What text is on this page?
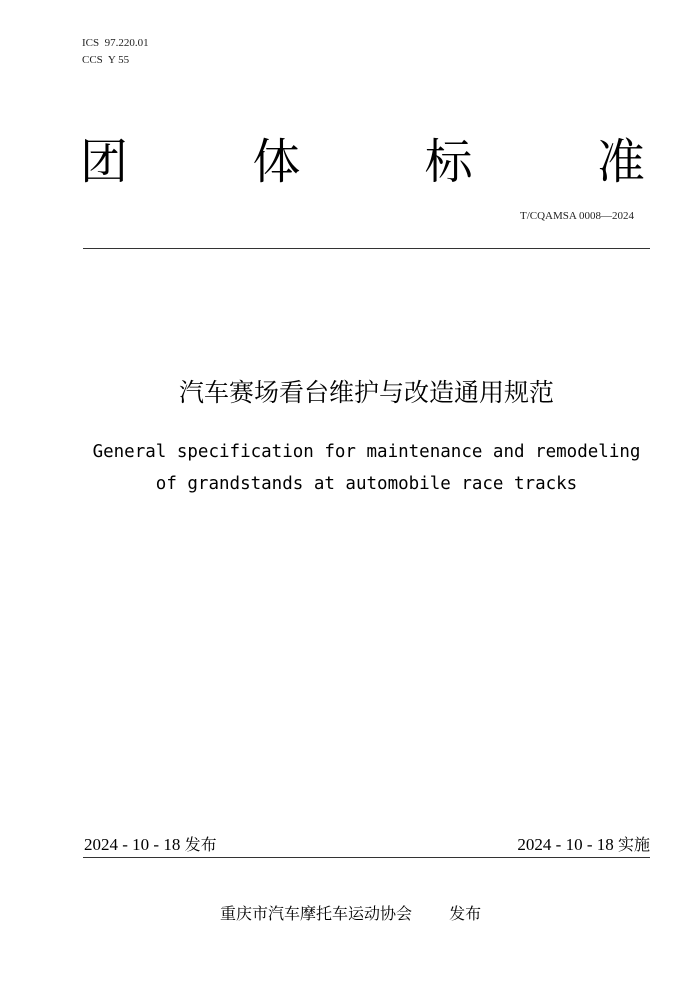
ICS  97.220.01
CCS  Y 55
团	体	标	准
T/CQAMSA 0008—2024
汽车赛场看台维护与改造通用规范
General specification for maintenance and remodeling
of grandstands at automobile race tracks
2024 - 10 - 18 发布	2024 - 10 - 18 实施
重庆市汽车摩托车运动协会 发布
